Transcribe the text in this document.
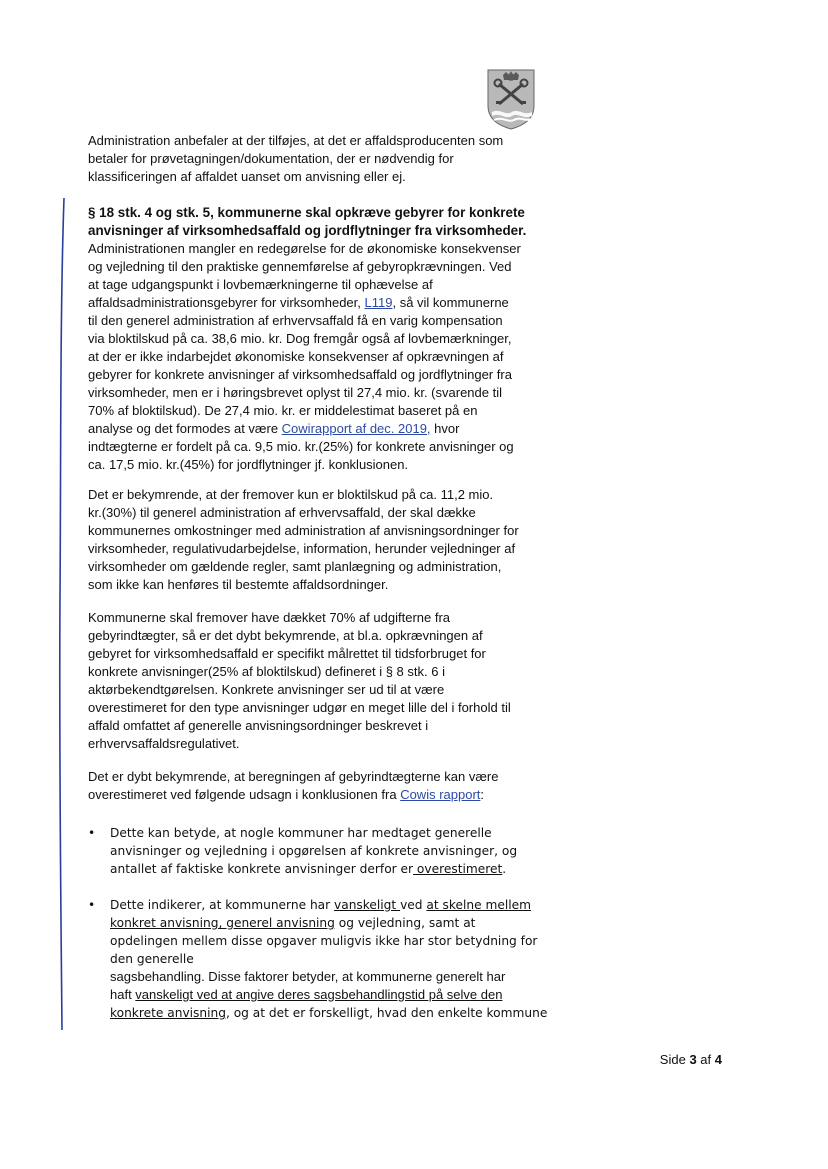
Administration anbefaler at der tilføjes, at det er affaldsproducenten som
betaler for prøvetagningen/dokumentation, der er nødvendig for
klassificeringen af affaldet uanset om anvisning eller ej.
§ 18 stk. 4 og stk. 5, kommunerne skal opkræve gebyrer for konkrete
anvisninger af virksomhedsaffald og jordflytninger fra virksomheder.
Administrationen mangler en redegørelse for de økonomiske konsekvenser
og vejledning til den praktiske gennemførelse af gebyropkrævningen. Ved
at tage udgangspunkt i lovbemærkningerne til ophævelse af
affaldsadministrationsgebyrer for virksomheder, L119, så vil kommunerne
til den generel administration af erhvervsaffald få en varig kompensation
via bloktilskud på ca. 38,6 mio. kr. Dog fremgår også af lovbemærkninger,
at der er ikke indarbejdet økonomiske konsekvenser af opkrævningen af
gebyrer for konkrete anvisninger af virksomhedsaffald og jordflytninger fra
virksomheder, men er i høringsbrevet oplyst til 27,4 mio. kr. (svarende til
70% af bloktilskud). De 27,4 mio. kr. er middelestimat baseret på en
analyse og det formodes at være Cowirapport af dec. 2019, hvor
indtægterne er fordelt på ca. 9,5 mio. kr.(25%) for konkrete anvisninger og
ca. 17,5 mio. kr.(45%) for jordflytninger jf. konklusionen.
Det er bekymrende, at der fremover kun er bloktilskud på ca. 11,2 mio.
kr.(30%) til generel administration af erhvervsaffald, der skal dække
kommunernes omkostninger med administration af anvisningsordninger for
virksomheder, regulativudarbejdelse, information, herunder vejledninger af
virksomheder om gældende regler, samt planlægning og administration,
som ikke kan henføres til bestemte affaldsordninger.
Kommunerne skal fremover have dækket 70% af udgifterne fra
gebyrindtægter, så er det dybt bekymrende, at bl.a. opkrævningen af
gebyret for virksomhedsaffald er specifikt målrettet til tidsforbruget for
konkrete anvisninger(25% af bloktilskud) defineret i § 8 stk. 6 i
aktørbekendtgørelsen. Konkrete anvisninger ser ud til at være
overestimeret for den type anvisninger udgør en meget lille del i forhold til
affald omfattet af generelle anvisningsordninger beskrevet i
erhvervsaffaldsregulativet.
Det er dybt bekymrende, at beregningen af gebyrindtægterne kan være
overestimeret ved følgende udsagn i konklusionen fra Cowis rapport:
•	Dette kan betyde, at nogle kommuner har medtaget generelle
anvisninger og vejledning i opgørelsen af konkrete anvisninger, og
antallet af faktiske konkrete anvisninger derfor er overestimeret.
•	Dette indikerer, at kommunerne har vanskeligt ved at skelne mellem
konkret anvisning, generel anvisning og vejledning, samt at
opdelingen mellem disse opgaver muligvis ikke har stor betydning for
den generelle
sagsbehandling. Disse faktorer betyder, at kommunerne generelt har
haft vanskeligt ved at angive deres sagsbehandlingstid på selve den
konkrete anvisning, og at det er forskelligt, hvad den enkelte kommune
Side 3 af 4
